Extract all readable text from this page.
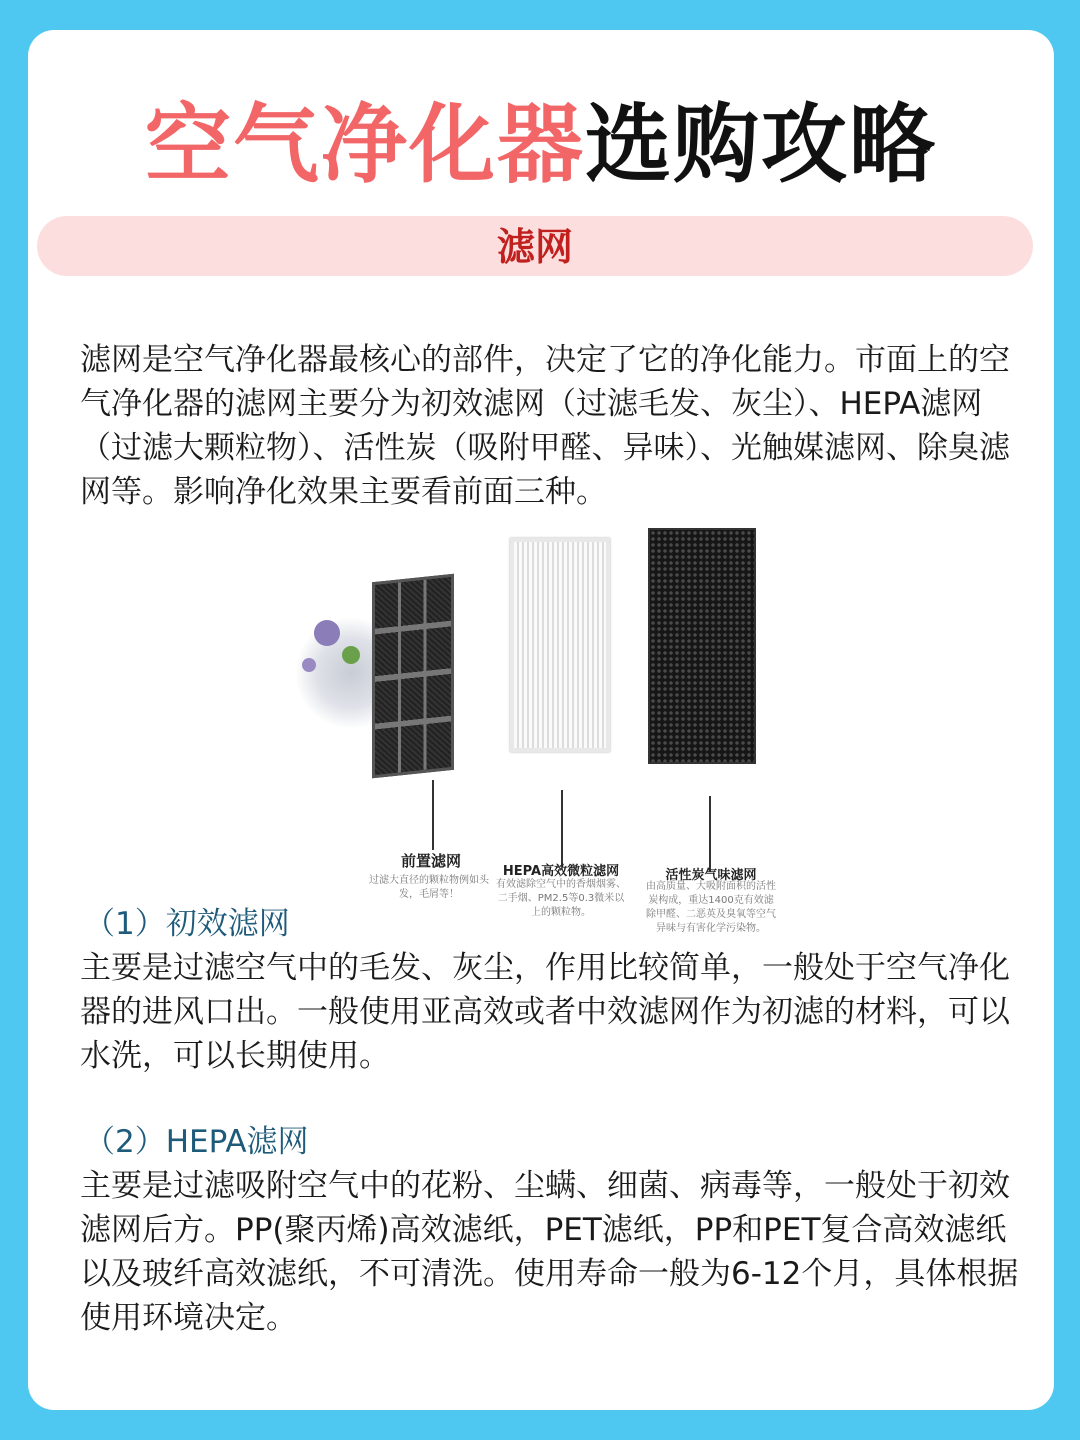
空气净化器选购攻略
滤网

滤网是空气净化器最核心的部件，决定了它的净化能力。市面上的空气净化器的滤网主要分为初效滤网（过滤毛发、灰尘）、HEPA滤网（过滤大颗粒物）、活性炭（吸附甲醛、异味）、光触媒滤网、除臭滤网等。影响净化效果主要看前面三种。

前置滤网
过滤大直径的颗粒物例如头发，毛屑等！
HEPA高效微粒滤网
有效滤除空气中的香烟烟雾、二手烟、PM2.5等0.3微米以上的颗粒物。
活性炭气味滤网
由高质量、大吸附面积的活性炭构成，重达1400克有效滤除甲醛、二恶英及臭氧等空气异味与有害化学污染物。
（1）初效滤网

主要是过滤空气中的毛发、灰尘，作用比较简单，一般处于空气净化器的进风口出。一般使用亚高效或者中效滤网作为初滤的材料，可以水洗，可以长期使用。

（2）HEPA滤网

主要是过滤吸附空气中的花粉、尘螨、细菌、病毒等，一般处于初效滤网后方。PP(聚丙烯)高效滤纸，PET滤纸，PP和PET复合高效滤纸以及玻纤高效滤纸，不可清洗。使用寿命一般为6-12个月，具体根据使用环境决定。
